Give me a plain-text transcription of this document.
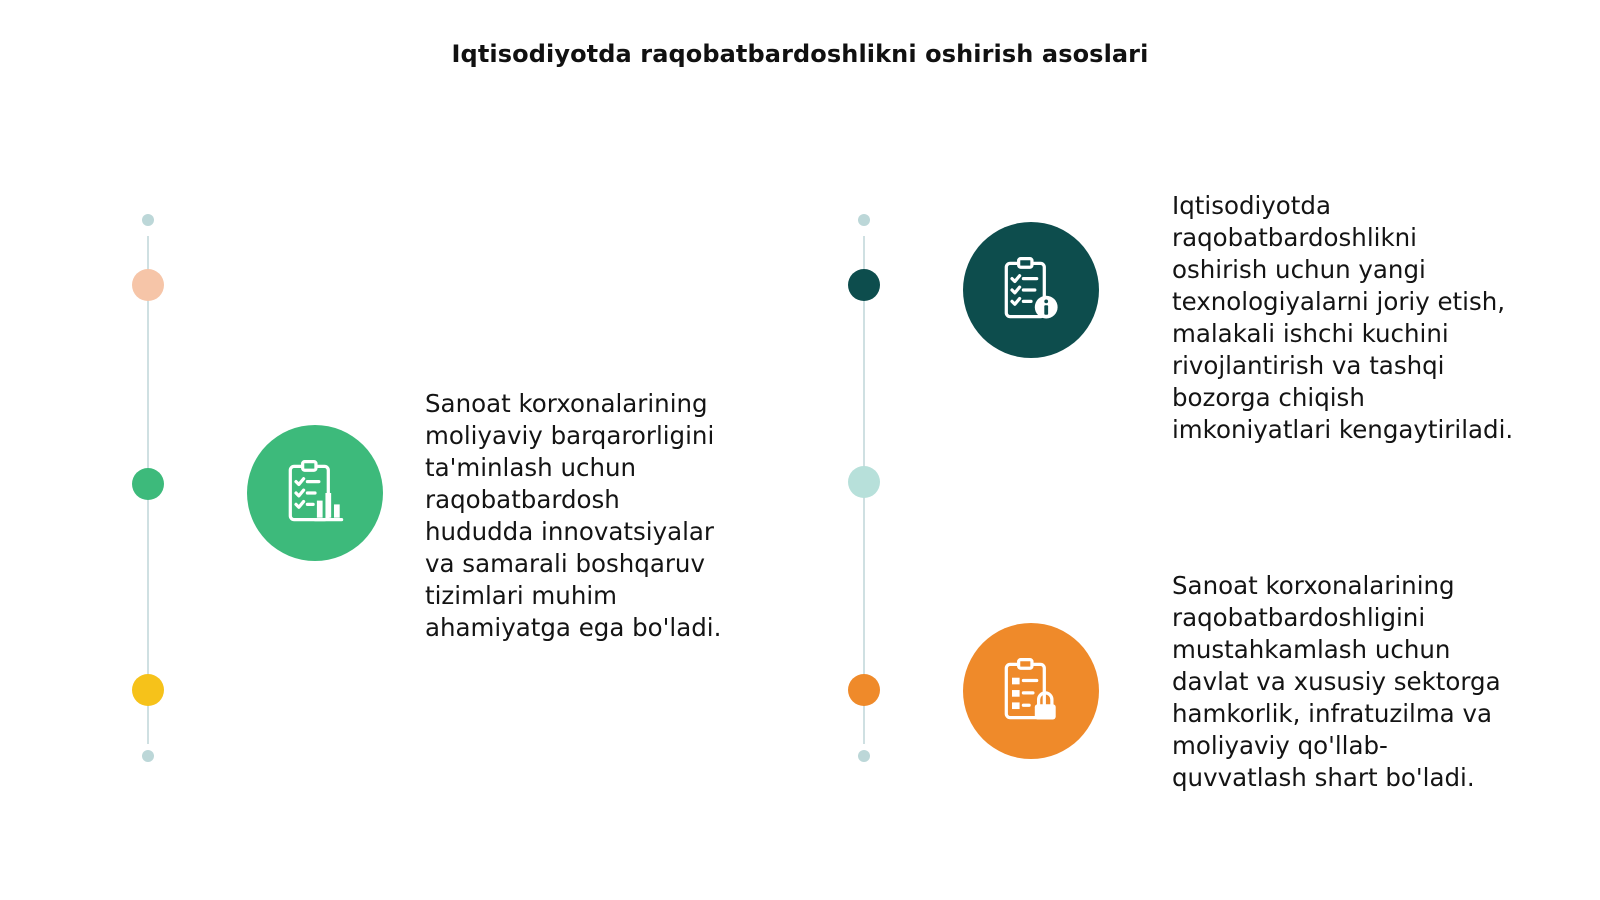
Iqtisodiyotda raqobatbardoshlikni oshirish asoslari
Sanoat korxonalarining
moliyaviy barqarorligini
ta'minlash uchun
raqobatbardosh
hududda innovatsiyalar
va samarali boshqaruv
tizimlari muhim
ahamiyatga ega bo'ladi.
Iqtisodiyotda
raqobatbardoshlikni
oshirish uchun yangi
texnologiyalarni joriy etish,
malakali ishchi kuchini
rivojlantirish va tashqi
bozorga chiqish
imkoniyatlari kengaytiriladi.
Sanoat korxonalarining
raqobatbardoshligini
mustahkamlash uchun
davlat va xususiy sektorga
hamkorlik, infratuzilma va
moliyaviy qo'llab-
quvvatlash shart bo'ladi.
